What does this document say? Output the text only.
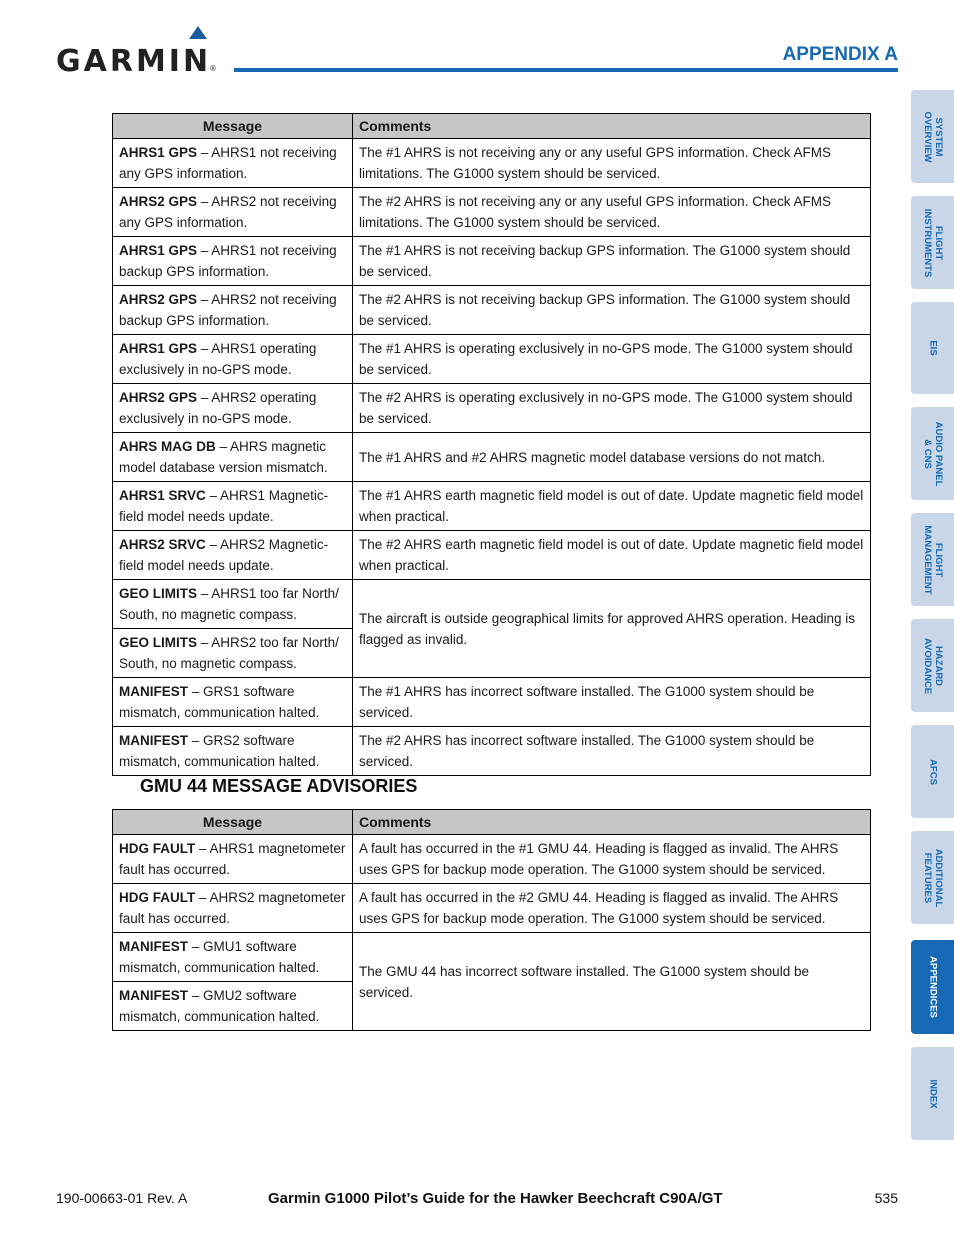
GARMIN
®
APPENDIX A
Message	Comments
AHRS1 GPS – AHRS1 not receiving any GPS information.	The #1 AHRS is not receiving any or any useful GPS information. Check AFMS limitations. The G1000 system should be serviced.
AHRS2 GPS – AHRS2 not receiving any GPS information.	The #2 AHRS is not receiving any or any useful GPS information. Check AFMS limitations. The G1000 system should be serviced.
AHRS1 GPS – AHRS1 not receiving backup GPS information.	The #1 AHRS is not receiving backup GPS information. The G1000 system should be serviced.
AHRS2 GPS – AHRS2 not receiving backup GPS information.	The #2 AHRS is not receiving backup GPS information. The G1000 system should be serviced.
AHRS1 GPS – AHRS1 operating exclusively in no-GPS mode.	The #1 AHRS is operating exclusively in no-GPS mode. The G1000 system should be serviced.
AHRS2 GPS – AHRS2 operating exclusively in no-GPS mode.	The #2 AHRS is operating exclusively in no-GPS mode. The G1000 system should be serviced.
AHRS MAG DB – AHRS magnetic model database version mismatch.	The #1 AHRS and #2 AHRS magnetic model database versions do not match.
AHRS1 SRVC – AHRS1 Magnetic-field model needs update.	The #1 AHRS earth magnetic field model is out of date. Update magnetic field model when practical.
AHRS2 SRVC – AHRS2 Magnetic-field model needs update.	The #2 AHRS earth magnetic field model is out of date. Update magnetic field model when practical.
GEO LIMITS – AHRS1 too far North/ South, no magnetic compass.	The aircraft is outside geographical limits for approved AHRS operation. Heading is flagged as invalid.
GEO LIMITS – AHRS2 too far North/ South, no magnetic compass.	
MANIFEST – GRS1 software mismatch, communication halted.	The #1 AHRS has incorrect software installed. The G1000 system should be serviced.
MANIFEST – GRS2 software mismatch, communication halted.	The #2 AHRS has incorrect software installed. The G1000 system should be serviced.
GMU 44 MESSAGE ADVISORIES
Message	Comments
HDG FAULT – AHRS1 magnetometer fault has occurred.	A fault has occurred in the #1 GMU 44. Heading is flagged as invalid. The AHRS uses GPS for backup mode operation. The G1000 system should be serviced.
HDG FAULT – AHRS2 magnetometer fault has occurred.	A fault has occurred in the #2 GMU 44. Heading is flagged as invalid. The AHRS uses GPS for backup mode operation. The G1000 system should be serviced.
MANIFEST – GMU1 software mismatch, communication halted.	The GMU 44 has incorrect software installed. The G1000 system should be serviced.
MANIFEST – GMU2 software mismatch, communication halted.	
SYSTEM
OVERVIEW
FLIGHT
INSTRUMENTS
EIS
AUDIO PANEL
& CNS
FLIGHT
MANAGEMENT
HAZARD
AVOIDANCE
AFCS
ADDITIONAL
FEATURES
APPENDICES
INDEX
190-00663-01 Rev. A	Garmin G1000 Pilot’s Guide for the Hawker Beechcraft C90A/GT	535
